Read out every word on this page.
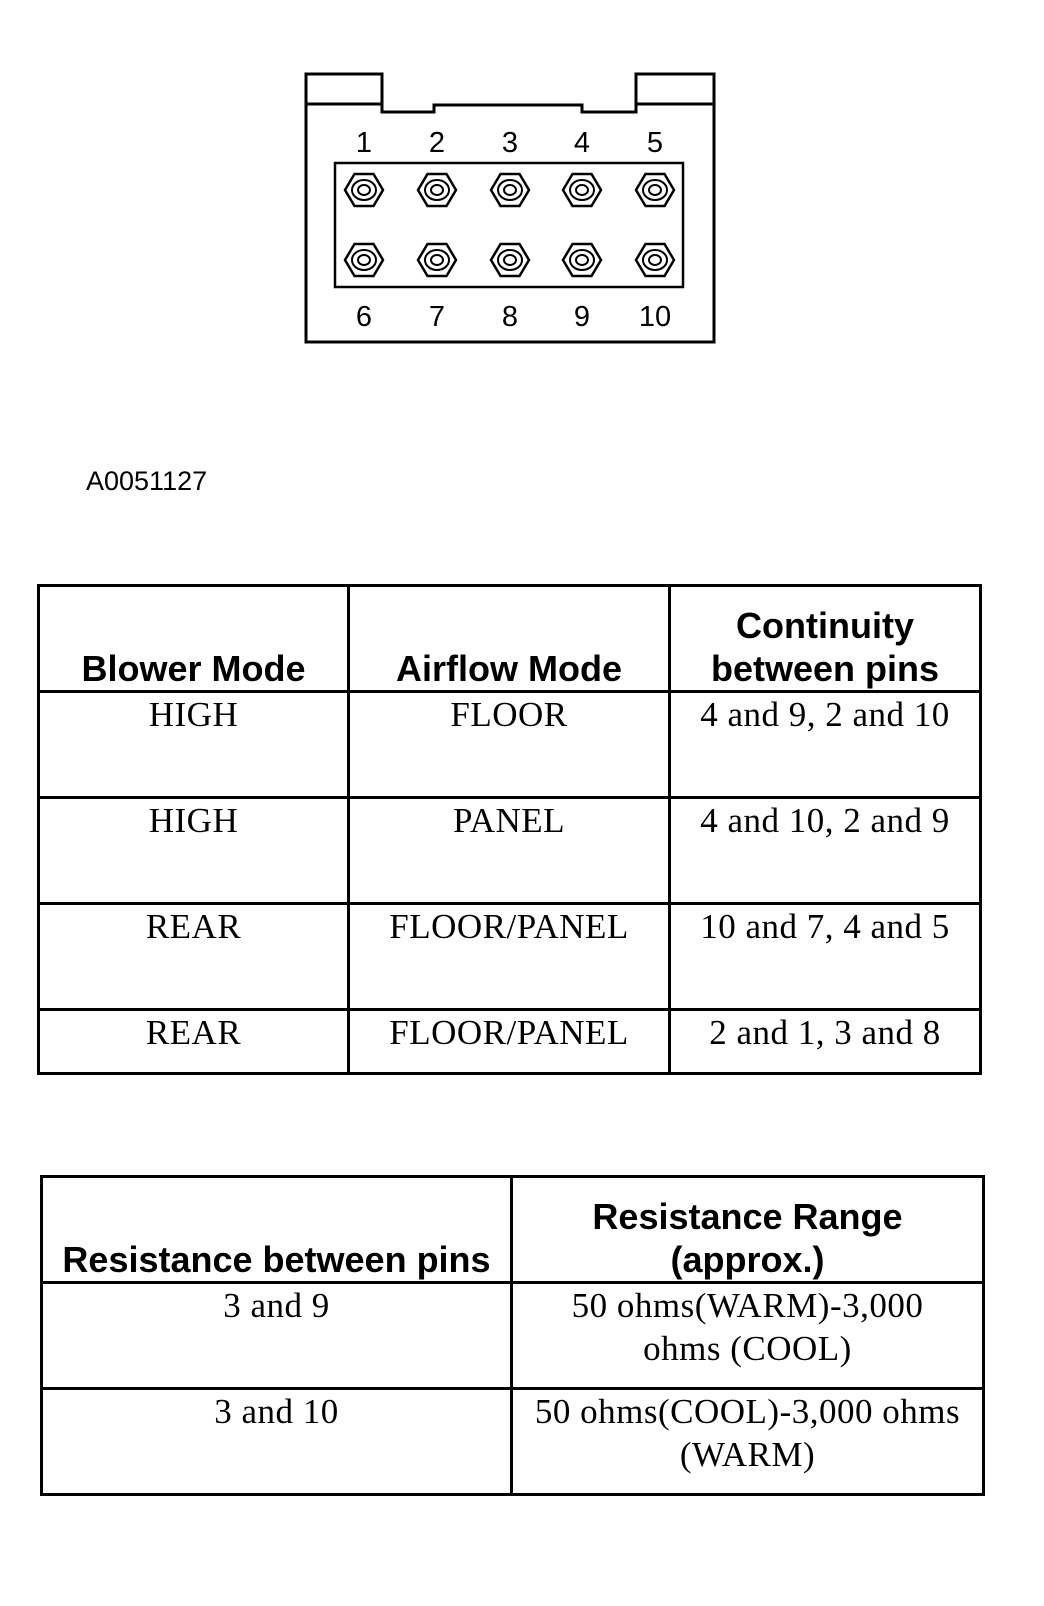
1 2 3 4 5
6 7 8 9 10
A0051127
Blower Mode	Airflow Mode	Continuity between pins
HIGH	FLOOR	4 and 9, 2 and 10
HIGH	PANEL	4 and 10, 2 and 9
REAR	FLOOR/PANEL	10 and 7, 4 and 5
REAR	FLOOR/PANEL	2 and 1, 3 and 8
Resistance between pins	Resistance Range (approx.)
3 and 9	50 ohms(WARM)-3,000 ohms (COOL)
3 and 10	50 ohms(COOL)-3,000 ohms (WARM)
